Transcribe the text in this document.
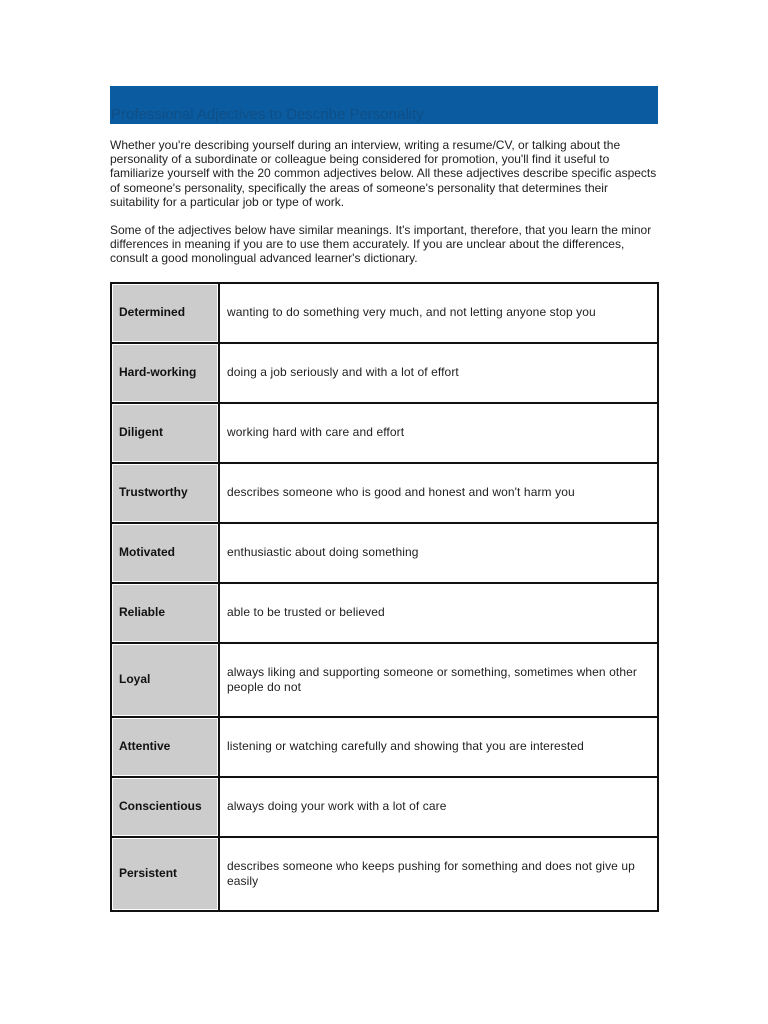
Professional Adjectives to Describe Personality

Whether you're describing yourself during an interview, writing a resume/CV, or talking about the personality of a subordinate or colleague being considered for promotion, you'll find it useful to familiarize yourself with the 20 common adjectives below. All these adjectives describe specific aspects of someone's personality, specifically the areas of someone's personality that determines their suitability for a particular job or type of work.

Some of the adjectives below have similar meanings. It's important, therefore, that you learn the minor differences in meaning if you are to use them accurately. If you are unclear about the differences, consult a good monolingual advanced learner's dictionary.

Determined	wanting to do something very much, and not letting anyone stop you
Hard-working	doing a job seriously and with a lot of effort
Diligent	working hard with care and effort
Trustworthy	describes someone who is good and honest and won't harm you
Motivated	enthusiastic about doing something
Reliable	able to be trusted or believed
Loyal	always liking and supporting someone or something, sometimes when other people do not
Attentive	listening or watching carefully and showing that you are interested
Conscientious	always doing your work with a lot of care
Persistent	describes someone who keeps pushing for something and does not give up easily
